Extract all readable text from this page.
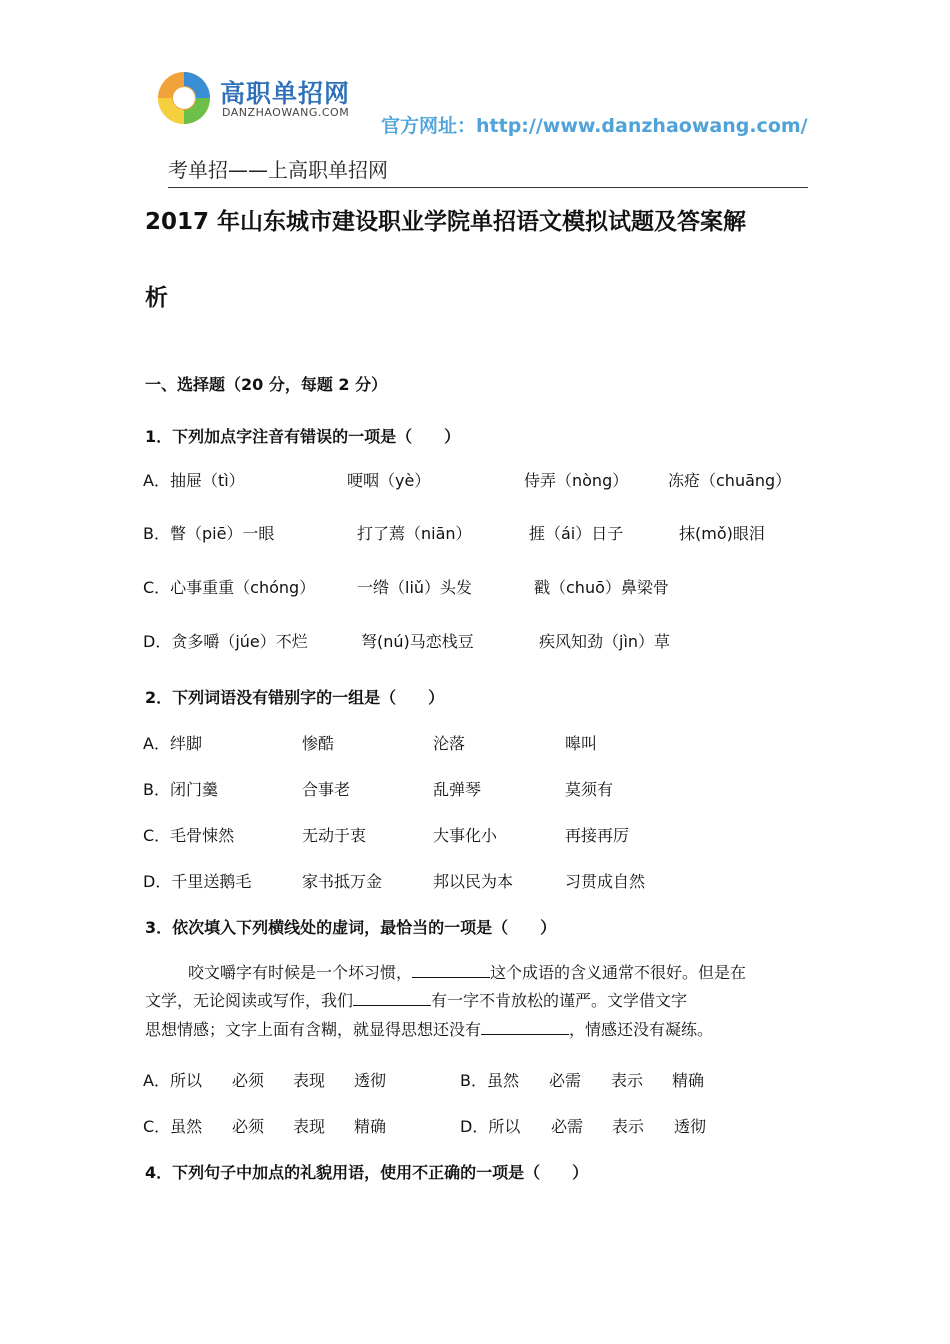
高职单招网
DANZHAOWANG.COM
官方网址：http://www.danzhaowang.com/
考单招——上高职单招网
2017 年山东城市建设职业学院单招语文模拟试题及答案解
析
一、选择题（20 分，每题 2 分）
1．下列加点字注音有错误的一项是（　　）
A．抽屉（tì）	哽咽（yè）	侍弄（nòng） 冻疮（chuāng）
B．瞥（piē）一眼	打了蔫（niān）	捱（ái）日子	抹(mǒ)眼泪
C．心事重重（chóng）	一绺（liǔ）头发	戳（chuō）鼻梁骨
D．贪多嚼（júe）不烂	弩(nú)马恋栈豆	疾风知劲（jìn）草
2．下列词语没有错别字的一组是（　　）
A．绊脚	惨酷	沦落	嗥叫
B．闭门羹	合事老	乱弹琴	莫须有
C．毛骨悚然	无动于衷	大事化小	再接再厉
D．千里送鹅毛	家书抵万金	邦以民为本	习贯成自然
3．依次填入下列横线处的虚词，最恰当的一项是（　　）
咬文嚼字有时候是一个坏习惯，	这个成语的含义通常不很好。但是在
文学，无论阅读或写作，我们	有一字不肯放松的谨严。文学借文字
思想情感；文字上面有含糊，就显得思想还没有	，情感还没有凝练。
A．所以 必须 表现 透彻	B．虽然 必需 表示 精确
C．虽然 必须 表现 精确	D．所以 必需 表示 透彻
4．下列句子中加点的礼貌用语，使用不正确的一项是（　　）
